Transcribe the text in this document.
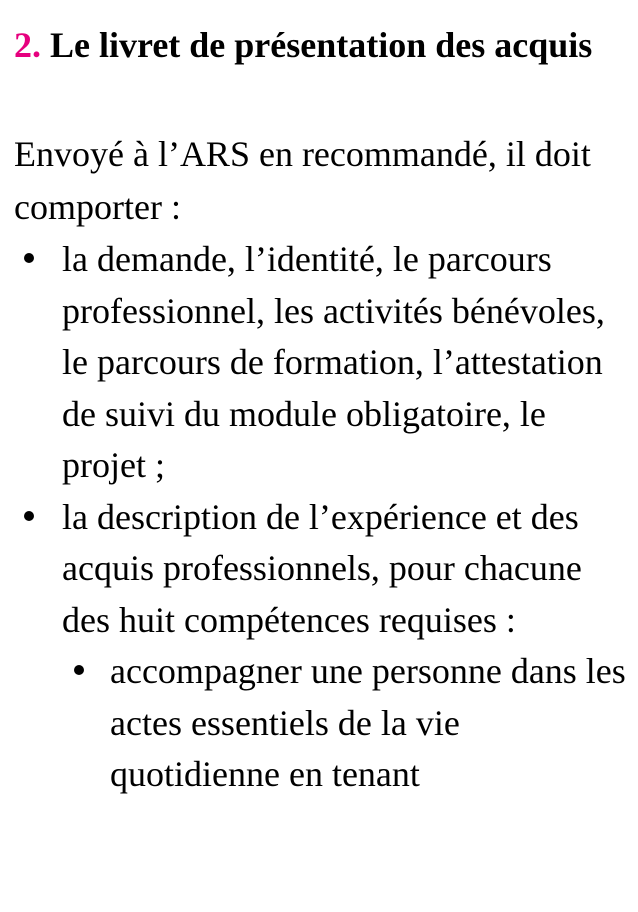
2. Le livret de présentation des acquis
Envoyé à l’ARS en recommandé, il doit comporter :
la demande, l’identité, le parcours professionnel, les activités bénévoles, le parcours de formation, l’attestation de suivi du module obligatoire, le projet ;
la description de l’expérience et des acquis professionnels, pour chacune des huit compétences requises :
accompagner une personne dans les actes essentiels de la vie quotidienne en tenant
